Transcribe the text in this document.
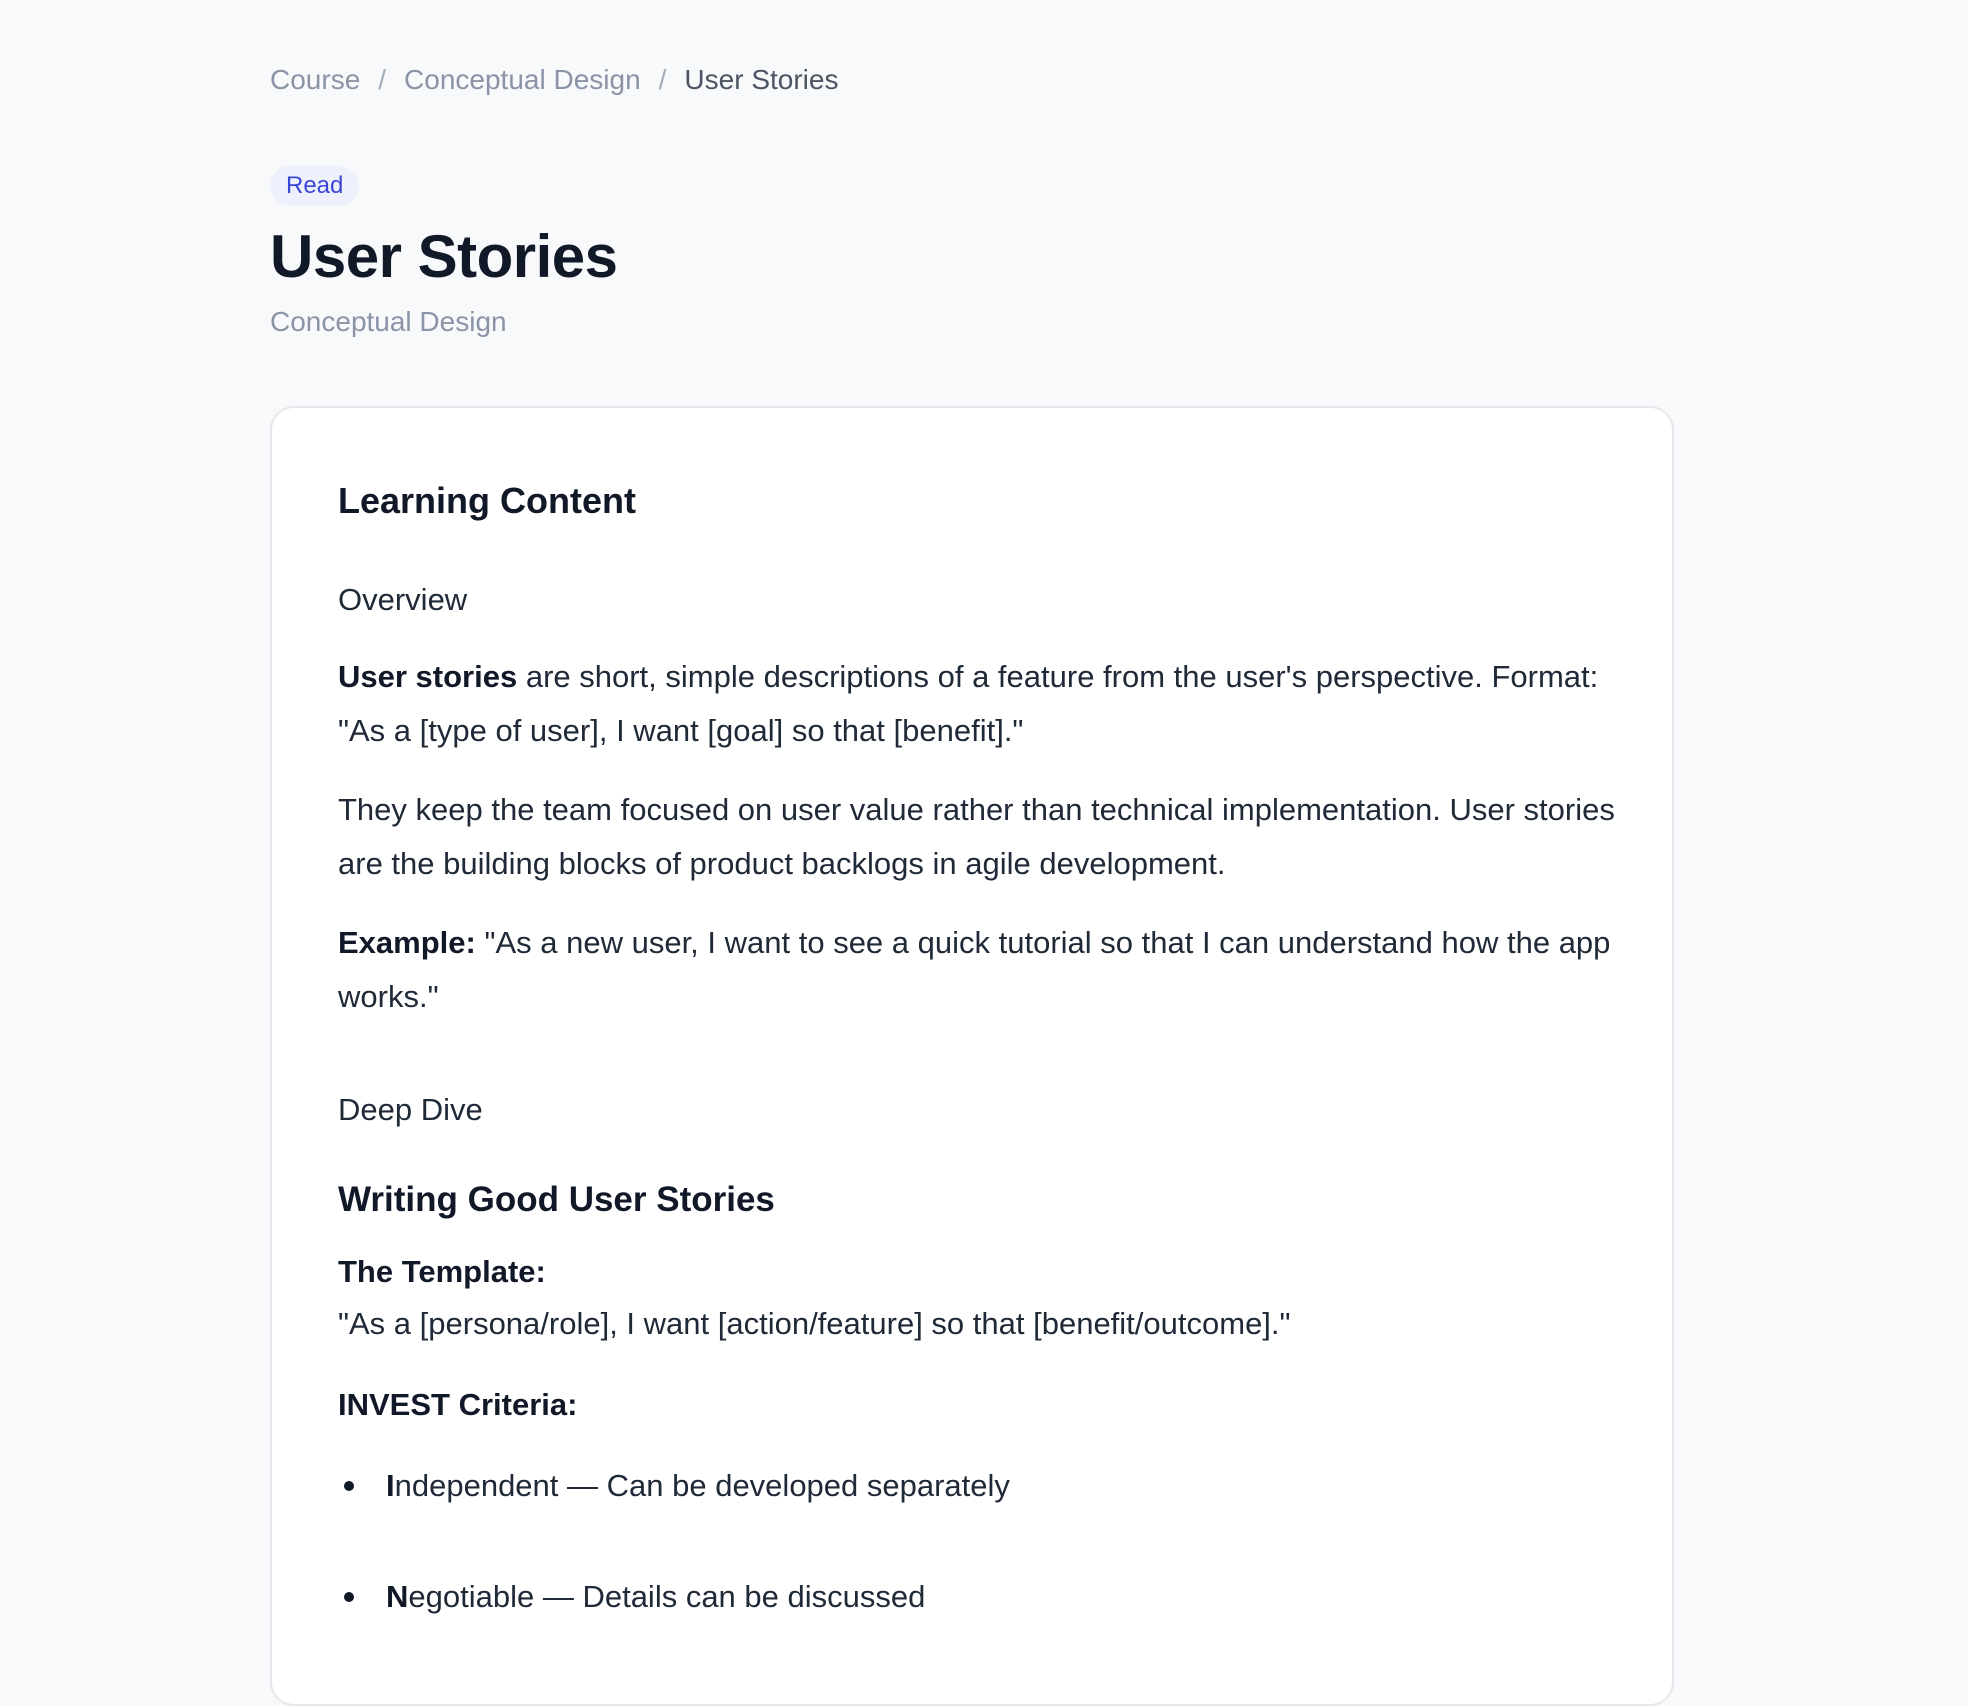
Course / Conceptual Design / User Stories
Read
User Stories
Conceptual Design
Learning Content
Overview

User stories are short, simple descriptions of a feature from the user's perspective. Format: "As a [type of user], I want [goal] so that [benefit]."

They keep the team focused on user value rather than technical implementation. User stories are the building blocks of product backlogs in agile development.

Example: "As a new user, I want to see a quick tutorial so that I can understand how the app works."

Deep Dive
Writing Good User Stories
The Template:

"As a [persona/role], I want [action/feature] so that [benefit/outcome]."

INVEST Criteria:
Independent — Can be developed separately
Negotiable — Details can be discussed
